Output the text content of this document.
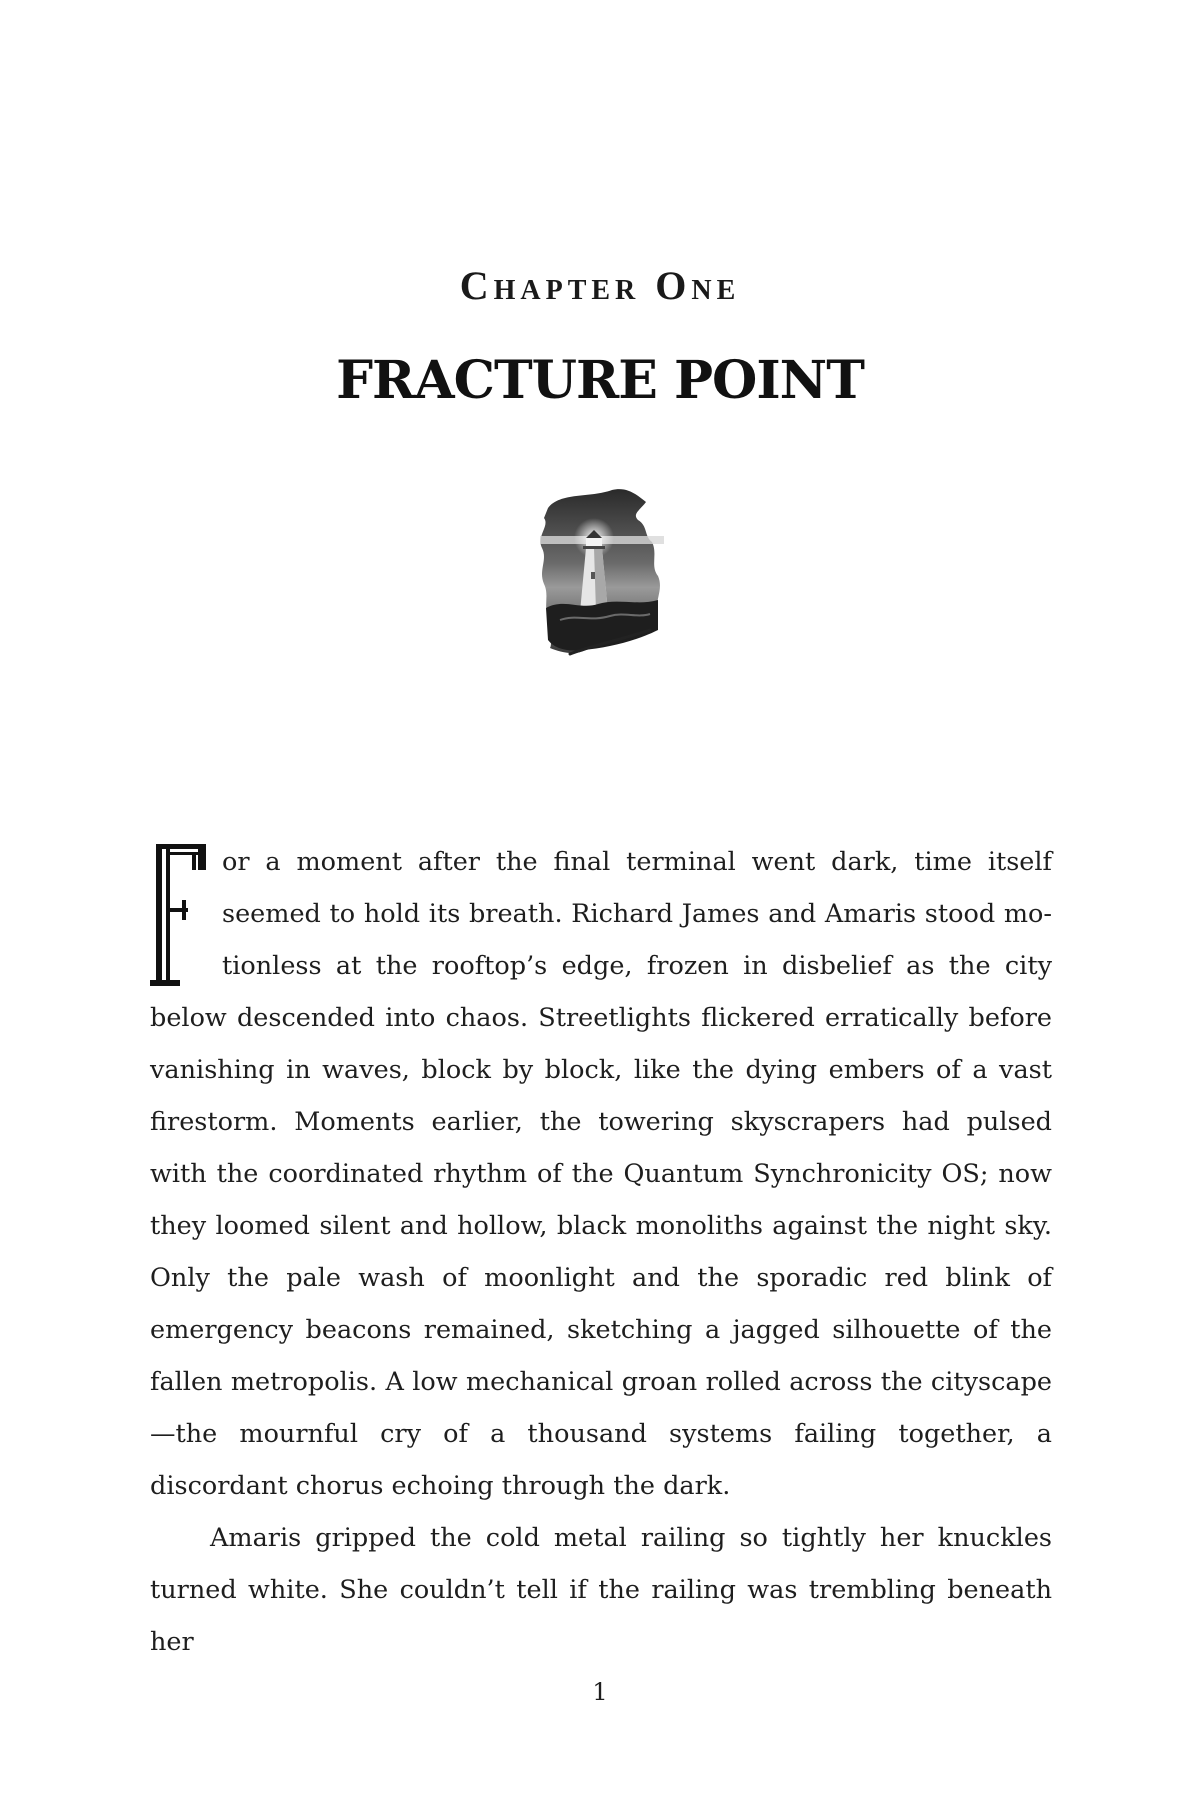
Chapter One
FRACTURE POINT

or a moment after the final terminal went dark, time itself seemed to hold its breath. Richard James and Amaris stood motionless at the rooftop’s edge, frozen in disbelief as the city below descended into chaos. Streetlights flickered erratically before vanishing in waves, block by block, like the dying embers of a vast firestorm. Moments earlier, the towering skyscrapers had pulsed with the coordinated rhythm of the Quantum Synchronicity OS; now they loomed silent and hollow, black monoliths against the night sky. Only the pale wash of moonlight and the sporadic red blink of emergency beacons remained, sketching a jagged silhouette of the fallen metropolis. A low mechanical groan rolled across the cityscape—the mournful cry of a thousand systems failing together, a discordant chorus echoing through the dark.

Amaris gripped the cold metal railing so tightly her knuckles turned white. She couldn’t tell if the railing was trembling beneath her

1
